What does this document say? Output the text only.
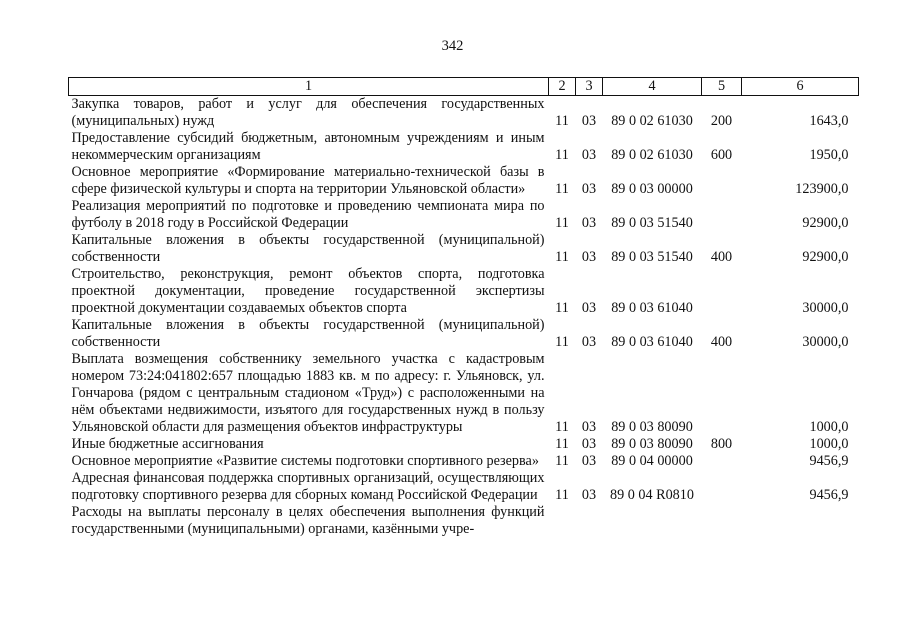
342
1	2	3	4	5	6
Закупка товаров, работ и услуг для обеспечения государственных (муниципальных) нужд	11	03	89 0 02 61030	200	1643,0
Предоставление субсидий бюджетным, автономным учреждениям и иным некоммерческим организациям	11	03	89 0 02 61030	600	1950,0
Основное мероприятие «Формирование материально-технической базы в сфере физической культуры и спорта на территории Ульяновской области»	11	03	89 0 03 00000		123900,0
Реализация мероприятий по подготовке и проведению чемпионата мира по футболу в 2018 году в Российской Федерации	11	03	89 0 03 51540		92900,0
Капитальные вложения в объекты государственной (муниципальной) собственности	11	03	89 0 03 51540	400	92900,0
Строительство, реконструкция, ремонт объектов спорта, подготовка проектной документации, проведение государственной экспертизы проектной документации создаваемых объектов спорта	11	03	89 0 03 61040		30000,0
Капитальные вложения в объекты государственной (муниципальной) собственности	11	03	89 0 03 61040	400	30000,0
Выплата возмещения собственнику земельного участка с кадастровым номером 73:24:041802:657 площадью 1883 кв. м по адресу: г. Ульяновск, ул. Гончарова (рядом с центральным стадионом «Труд») с расположенными на нём объектами недвижимости, изъятого для государственных нужд в пользу Ульяновской области для размещения объектов инфраструктуры	11	03	89 0 03 80090		1000,0
Иные бюджетные ассигнования	11	03	89 0 03 80090	800	1000,0
Основное мероприятие «Развитие системы подготовки спортивного резерва»	11	03	89 0 04 00000		9456,9
Адресная финансовая поддержка спортивных организаций, осуществляющих подготовку спортивного резерва для сборных команд Российской Федерации	11	03	89 0 04 R0810		9456,9
Расходы на выплаты персоналу в целях обеспечения выполнения функций государственными (муниципальными) органами, казёнными учре-					
